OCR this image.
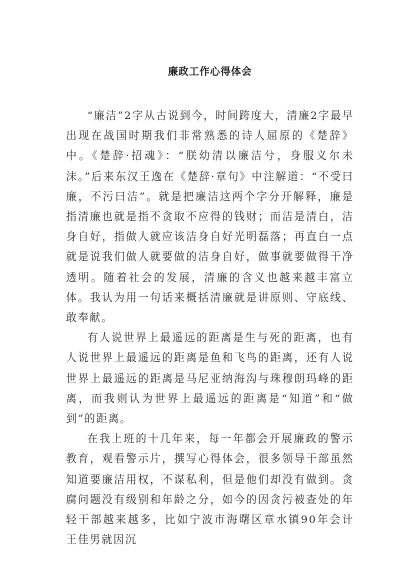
廉政工作心得体会

“廉洁”2字从古说到今，时间跨度大，清廉2字最早出现在战国时期我们非常熟悉的诗人屈原的《楚辞》中。《楚辞·招魂》：“朕幼清以廉洁兮，身服义尔未沫。”后来东汉王逸在《楚辞·章句》中注解道：“不受曰廉，不污曰洁”。就是把廉洁这两个字分开解释，廉是指清廉也就是指不贪取不应得的钱财；而洁是清白，洁身自好，指做人就应该洁身自好光明磊落；再直白一点就是说我们做人就要做的洁身自好，做事就要做得干净透明。随着社会的发展，清廉的含义也越来越丰富立体。我认为用一句话来概括清廉就是讲原则、守底线、敢奉献。

有人说世界上最遥远的距离是生与死的距离，也有人说世界上最遥远的距离是鱼和飞鸟的距离，还有人说世界上最遥远的距离是马尼亚纳海沟与珠穆朗玛峰的距离，而我则认为世界上最遥远的距离是“知道”和“做到”的距离。

在我上班的十几年来，每一年都会开展廉政的警示教育，观看警示片，撰写心得体会，很多领导干部虽然知道要廉洁用权，不谋私利，但是他们却没有做到。贪腐问题没有级别和年龄之分，如今的因贪污被查处的年轻干部越来越多，比如宁波市海曙区章水镇90年会计王佳男就因沉
